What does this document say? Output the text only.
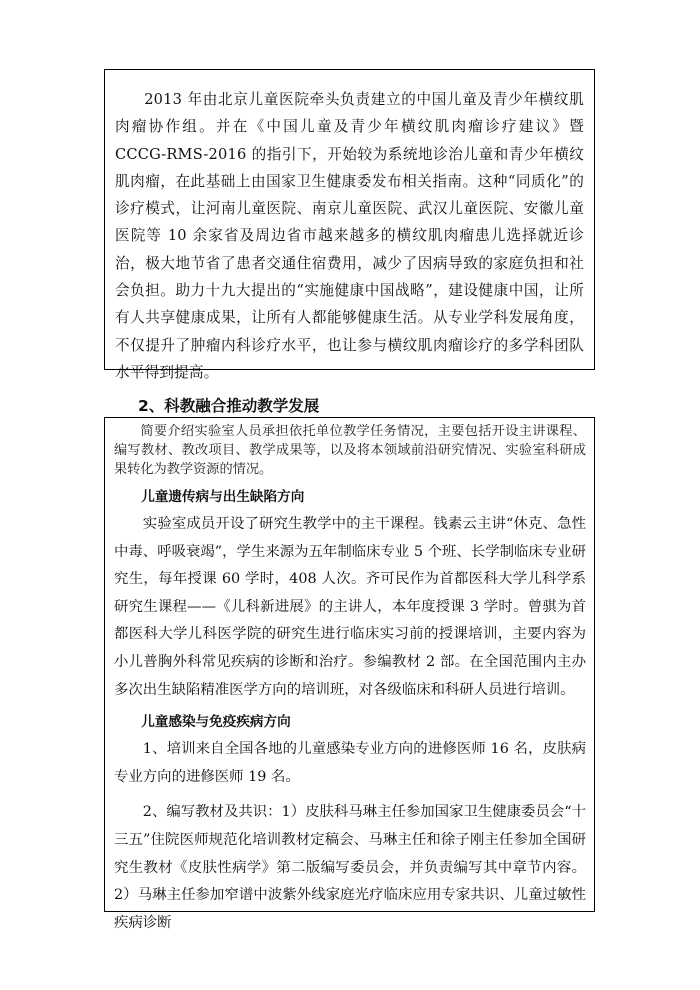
2013 年由北京儿童医院牵头负责建立的中国儿童及青少年横纹肌肉瘤协作组。并在《中国儿童及青少年横纹肌肉瘤诊疗建议》暨 CCCG-RMS-2016 的指引下，开始较为系统地诊治儿童和青少年横纹肌肉瘤，在此基础上由国家卫生健康委发布相关指南。这种“同质化”的诊疗模式，让河南儿童医院、南京儿童医院、武汉儿童医院、安徽儿童医院等 10 余家省及周边省市越来越多的横纹肌肉瘤患儿选择就近诊治，极大地节省了患者交通住宿费用，减少了因病导致的家庭负担和社会负担。助力十九大提出的“实施健康中国战略”，建设健康中国，让所有人共享健康成果，让所有人都能够健康生活。从专业学科发展角度，不仅提升了肿瘤内科诊疗水平，也让参与横纹肌肉瘤诊疗的多学科团队水平得到提高。

2、科教融合推动教学发展

简要介绍实验室人员承担依托单位教学任务情况，主要包括开设主讲课程、编写教材、教改项目、教学成果等，以及将本领域前沿研究情况、实验室科研成果转化为教学资源的情况。

儿童遗传病与出生缺陷方向

实验室成员开设了研究生教学中的主干课程。钱素云主讲“休克、急性中毒、呼吸衰竭”，学生来源为五年制临床专业 5 个班、长学制临床专业研究生，每年授课 60 学时，408 人次。齐可民作为首都医科大学儿科学系研究生课程——《儿科新进展》的主讲人，本年度授课 3 学时。曾骐为首都医科大学儿科医学院的研究生进行临床实习前的授课培训，主要内容为小儿普胸外科常见疾病的诊断和治疗。参编教材 2 部。在全国范围内主办多次出生缺陷精准医学方向的培训班，对各级临床和科研人员进行培训。

儿童感染与免疫疾病方向

1、培训来自全国各地的儿童感染专业方向的进修医师 16 名，皮肤病专业方向的进修医师 19 名。

2、编写教材及共识：1）皮肤科马琳主任参加国家卫生健康委员会“十三五”住院医师规范化培训教材定稿会、马琳主任和徐子刚主任参加全国研究生教材《皮肤性病学》第二版编写委员会，并负责编写其中章节内容。2）马琳主任参加窄谱中波紫外线家庭光疗临床应用专家共识、儿童过敏性疾病诊断
